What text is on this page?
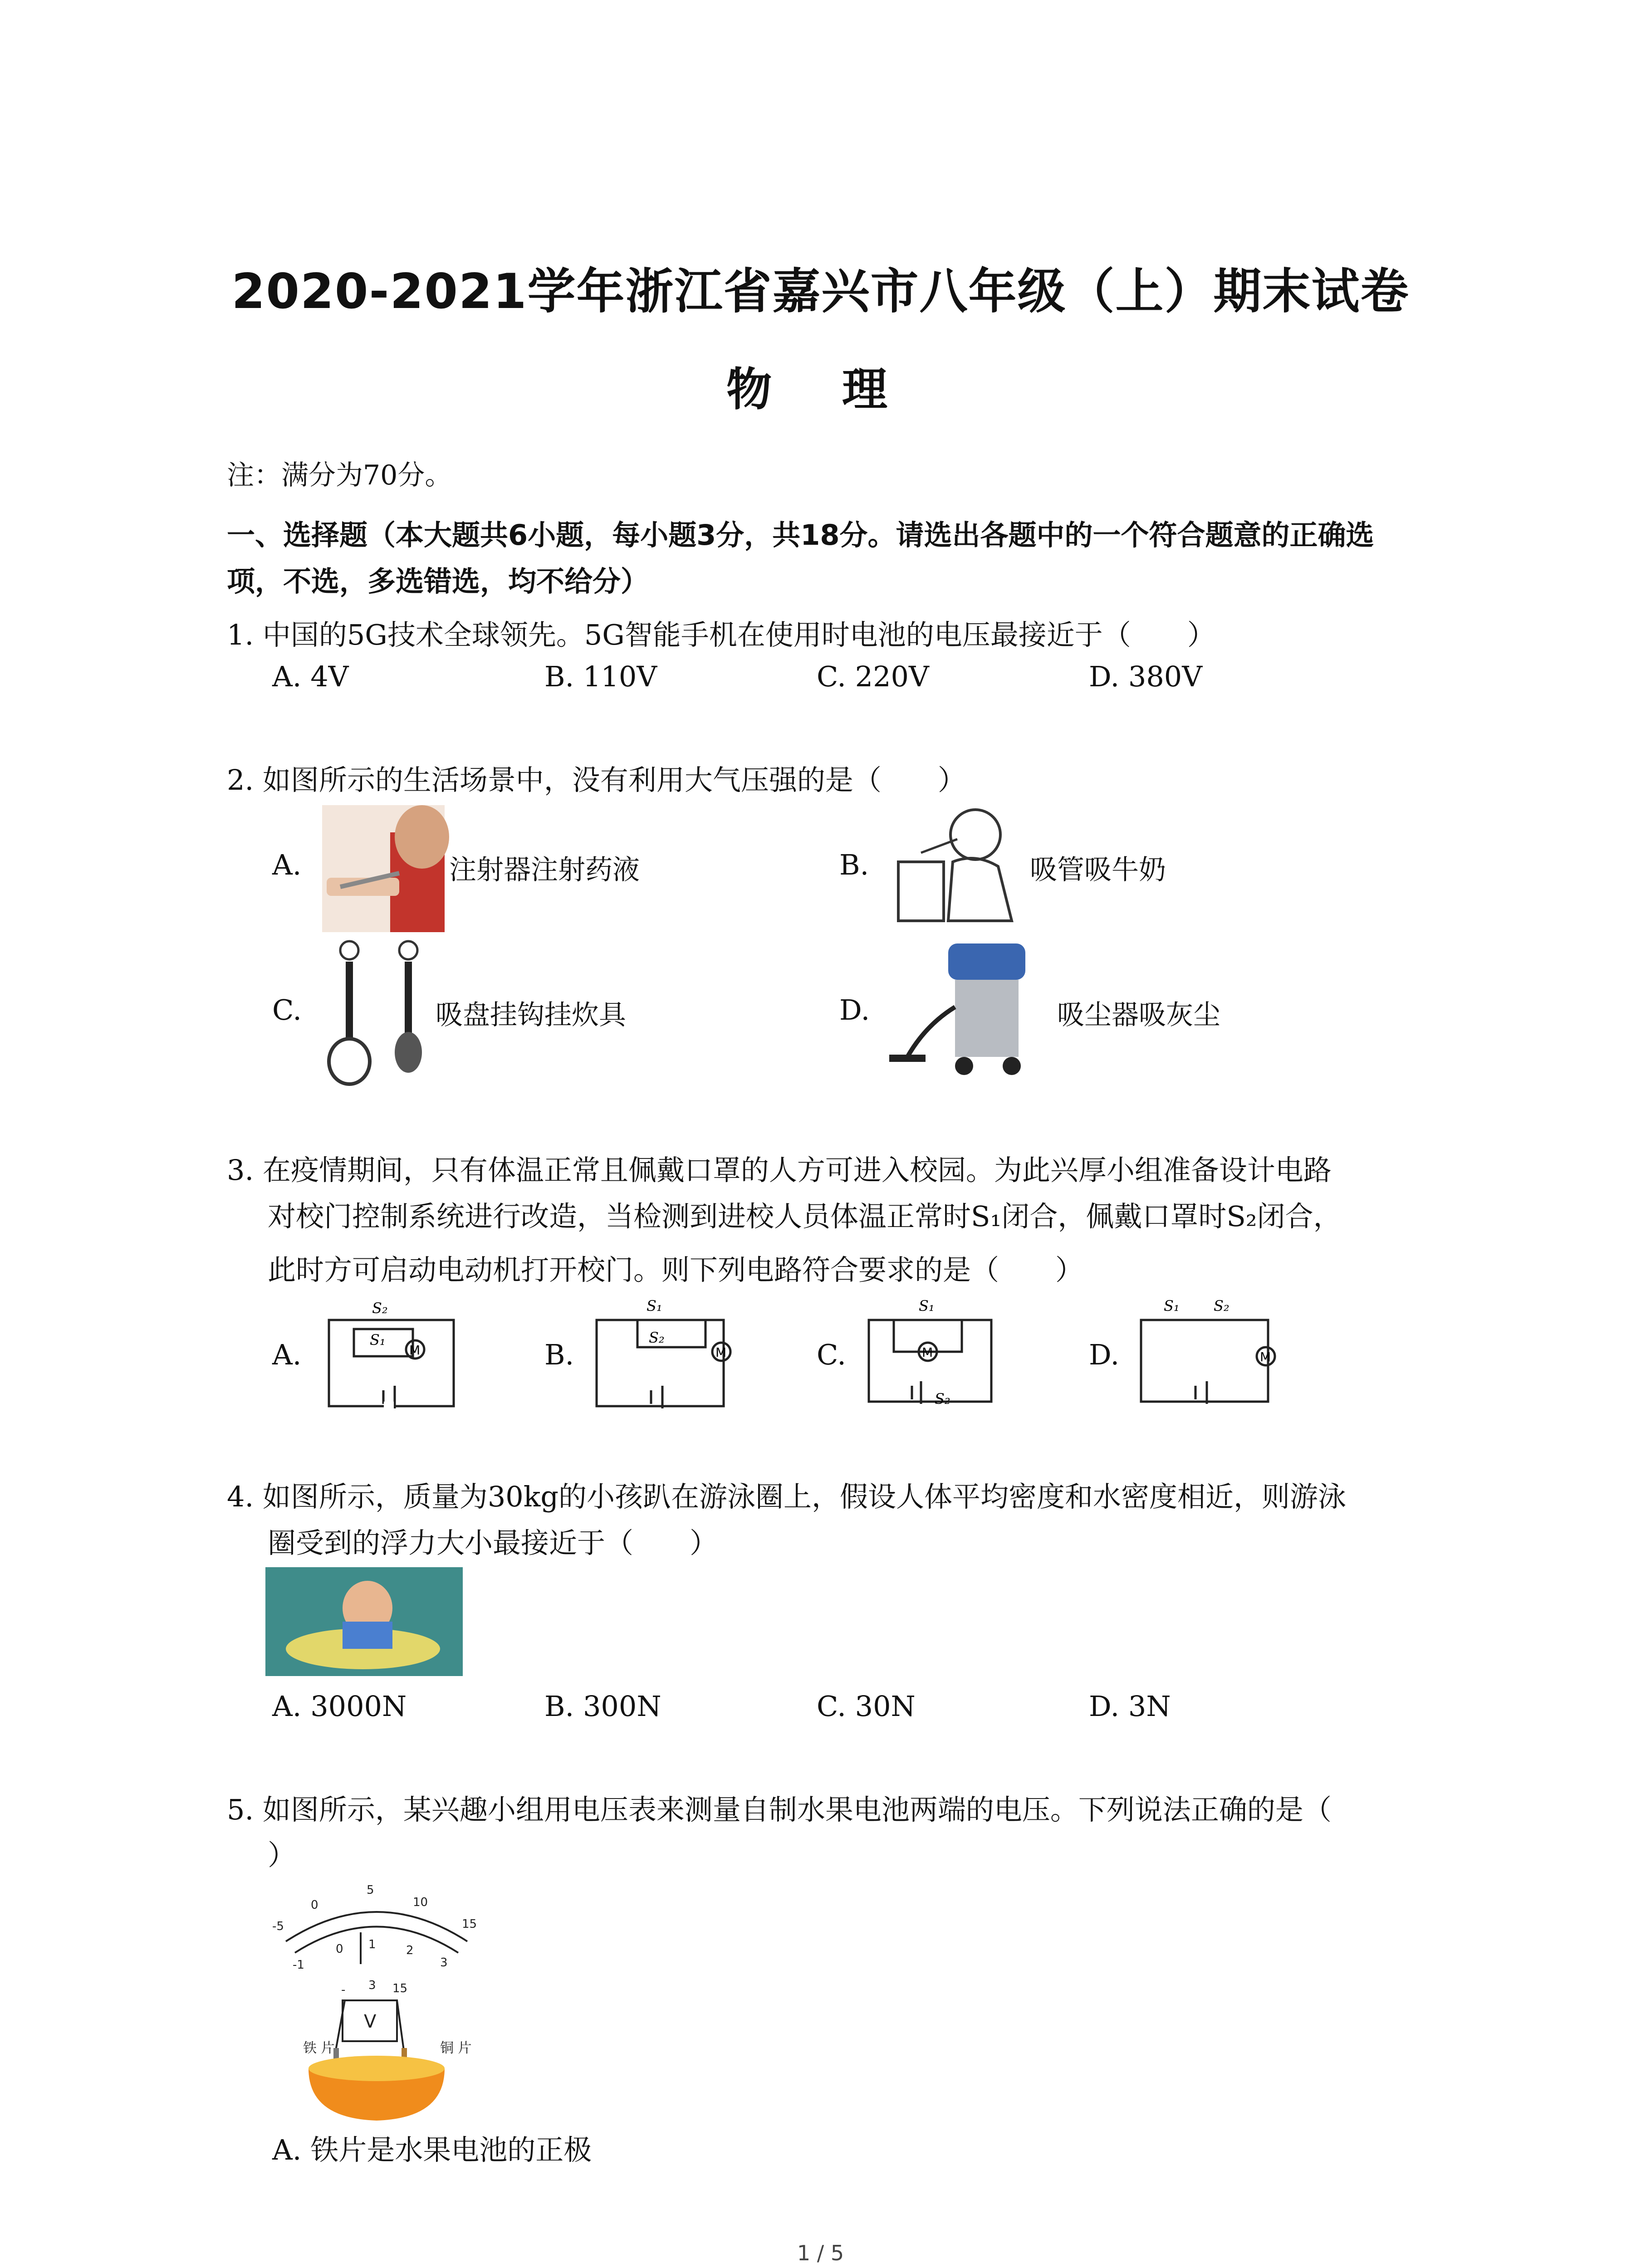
2020-2021学年浙江省嘉兴市八年级（上）期末试卷
物 理
注：满分为70分。
一、选择题（本大题共6小题，每小题3分，共18分。请选出各题中的一个符合题意的正确选
项，不选，多选错选，均不给分）
1. 中国的5G技术全球领先。5G智能手机在使用时电池的电压最接近于（　　）
A. 4V	B. 110V	C. 220V	D. 380V
2. 如图所示的生活场景中，没有利用大气压强的是（　　）
A.	注射器注射药液	B.	吸管吸牛奶
C.	吸盘挂钩挂炊具	D.	吸尘器吸灰尘
3. 在疫情期间，只有体温正常且佩戴口罩的人方可进入校园。为此兴厚小组准备设计电路
对校门控制系统进行改造，当检测到进校人员体温正常时S₁闭合，佩戴口罩时S₂闭合，
此时方可启动电动机打开校门。则下列电路符合要求的是（　　）
A.
S₂
S₁
M	B.
S₁
S₂
M	C.
S₁
M
S₂
D.
S₁ S₂
M
4. 如图所示，质量为30kg的小孩趴在游泳圈上，假设人体平均密度和水密度相近，则游泳
圈受到的浮力大小最接近于（　　）
A. 3000N	B. 300N	C. 30N	D. 3N
5. 如图所示，某兴趣小组用电压表来测量自制水果电池两端的电压。下列说法正确的是（
）
-5
0
5
10
15
-1
0 1	2
3
- 3 15
V
铁 片	铜 片
A. 铁片是水果电池的正极
1 / 5
